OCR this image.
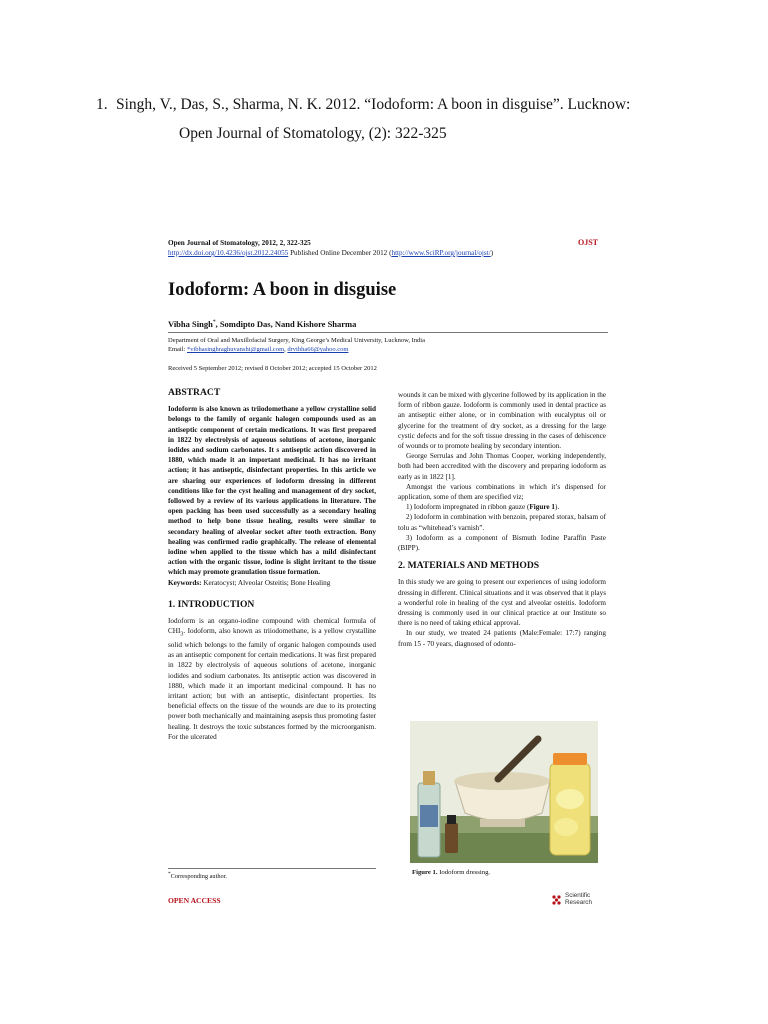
1. Singh, V., Das, S., Sharma, N. K. 2012. “Iodoform: A boon in disguise”. Lucknow:
Open Journal of Stomatology, (2): 322-325
Open Journal of Stomatology, 2012, 2, 322-325
http://dx.doi.org/10.4236/ojst.2012.24055 Published Online December 2012 (http://www.SciRP.org/journal/ojst/)
OJST
Iodoform: A boon in disguise
Vibha Singh*, Somdipto Das, Nand Kishore Sharma
Department of Oral and Maxillofacial Surgery, King George’s Medical University, Lucknow, India
Email: *vibhasinghraghuvanshi@gmail.com, drvibha66@yahoo.com
Received 5 September 2012; revised 8 October 2012; accepted 15 October 2012
ABSTRACT

Iodoform is also known as triiodomethane a yellow crystalline solid belongs to the family of organic halogen compounds used as an antiseptic component of certain medications. It was first prepared in 1822 by electrolysis of aqueous solutions of acetone, inorganic iodides and sodium carbonates. It s antiseptic action discovered in 1880, which made it an important medicinal. It has no irritant action; it has antiseptic, disinfectant properties. In this article we are sharing our experiences of iodoform dressing in different conditions like for the cyst healing and management of dry socket, followed by a review of its various applications in literature. The open packing has been used successfully as a secondary healing method to help bone tissue healing, results were similar to secondary healing of alveolar socket after tooth extraction. Bony healing was confirmed radio graphically. The release of elemental iodine when applied to the tissue which has a mild disinfectant action with the organic tissue, iodine is slight irritant to the tissue which may promote granulation tissue formation.

Keywords: Keratocyst; Alveolar Osteitis; Bone Healing

1. INTRODUCTION

Iodoform is an organo-iodine compound with chemical formula of $CHI_3$. Iodoform, also known as triiodomethane, is a yellow crystalline solid which belongs to the family of organic halogen compounds used as an antiseptic component for certain medications. It was first prepared in 1822 by electrolysis of aqueous solutions of acetone, inorganic iodides and sodium carbonates. Its antiseptic action was discovered in 1880, which made it an important medicinal compound. It has no irritant action; but with an antiseptic, disinfectant properties. Its beneficial effects on the tissue of the wounds are due to its protecting power both mechanically and maintaining asepsis thus promoting faster healing. It destroys the toxic substances formed by the microorganism. For the ulcerated

wounds it can be mixed with glycerine followed by its application in the form of ribbon gauze. Iodoform is commonly used in dental practice as an antiseptic either alone, or in combination with eucalyptus oil or glycerine for the treatment of dry socket, as a dressing for the large cystic defects and for the soft tissue dressing in the cases of dehiscence of wounds or to promote healing by secondary intention.

George Serrulas and John Thomas Cooper, working independently, both had been accredited with the discovery and preparing iodoform as early as in 1822 [1].

Amongst the various combinations in which it’s dispensed for application, some of them are specified viz;

1) Iodoform impregnated in ribbon gauze (Figure 1).

2) Iodoform in combination with benzoin, prepared storax, balsam of tolu as “whitehead’s varnish”.

3) Iodoform as a component of Bismuth Iodine Paraffin Paste (BIPP).

2. MATERIALS AND METHODS

In this study we are going to present our experiences of using iodoform dressing in different. Clinical situations and it was observed that it plays a wonderful role in healing of the cyst and alveolar osteitis. Iodoform dressing is commonly used in our clinical practice at our Institute so there is no need of taking ethical approval.

In our study, we treated 24 patients (Male:Female: 17:7) ranging from 15 - 70 years, diagnosed of odonto-

Figure 1. Iodoform dressing.
*Corresponding author.
OPEN ACCESS
Scientific
Research
